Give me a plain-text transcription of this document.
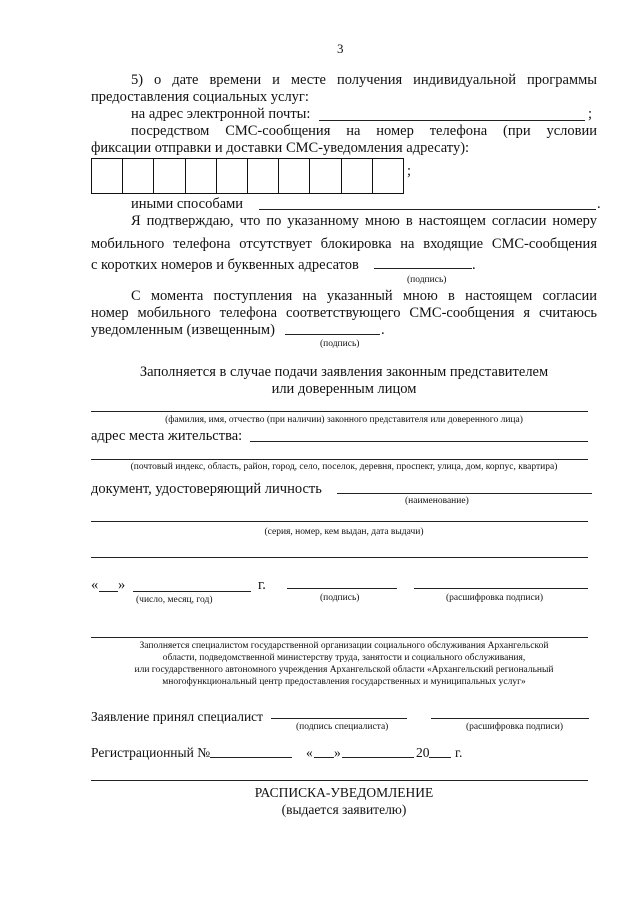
3
5) о дате времени и месте получения индивидуальной программы
предоставления социальных услуг:
на адрес электронной почты:	;
посредством СМС-сообщения на номер телефона (при условии
фиксации отправки и доставки СМС-уведомления адресату):
;
иными способами	.
Я подтверждаю, что по указанному мною в настоящем согласии номеру
мобильного телефона отсутствует блокировка на входящие СМС-сообщения
с коротких номеров и буквенных адресатов	.
(подпись)
С момента поступления на указанный мною в настоящем согласии
номер мобильного телефона соответствующего СМС-сообщения я считаюсь
уведомленным (извещенным)	.
(подпись)
Заполняется в случае подачи заявления законным представителем
или доверенным лицом
(фамилия, имя, отчество (при наличии) законного представителя или доверенного лица)
адрес места жительства:
(почтовый индекс, область, район, город, село, поселок, деревня, проспект, улица, дом, корпус, квартира)
документ, удостоверяющий личность
(наименование)
(серия, номер, кем выдан, дата выдачи)
« »	г.
(число, месяц, год)	(подпись)	(расшифровка подписи)
Заполняется специалистом государственной организации социального обслуживания Архангельской
области, подведомственной министерству труда, занятости и социального обслуживания,
или государственного автономного учреждения Архангельской области «Архангельский региональный
многофункциональный центр предоставления государственных и муниципальных услуг»
Заявление принял специалист
(подпись специалиста)	(расшифровка подписи)
Регистрационный №	« »	20 г.
РАСПИСКА-УВЕДОМЛЕНИЕ
(выдается заявителю)
